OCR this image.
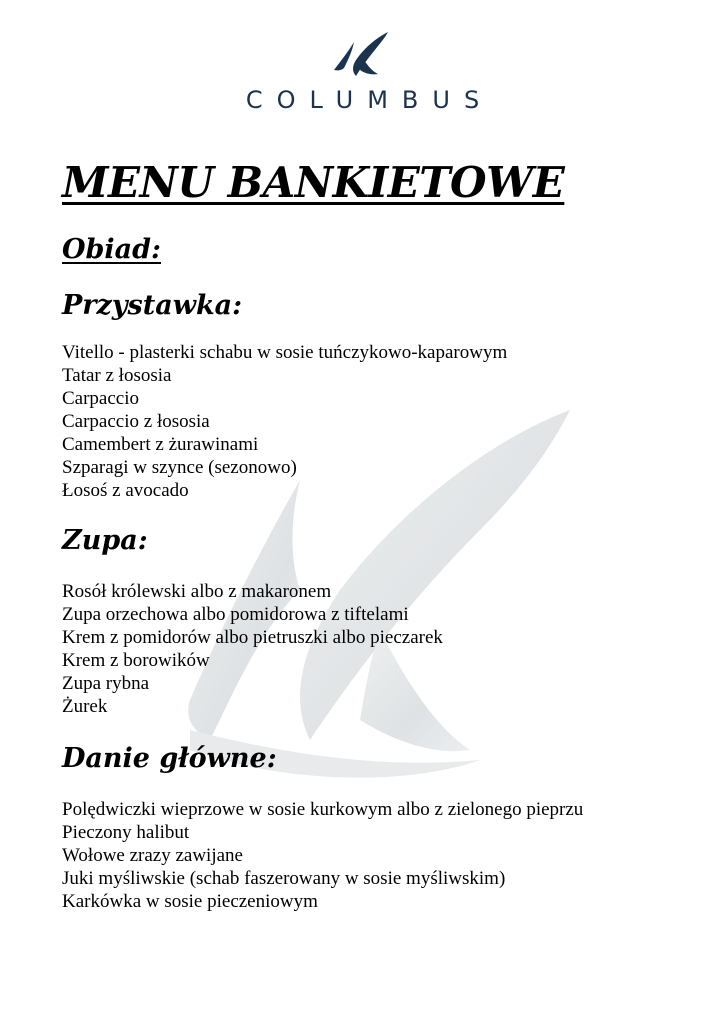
COLUMBUS
MENU BANKIETOWE
Obiad:
Przystawka:
Vitello - plasterki schabu w sosie tuńczykowo-kaparowym
Tatar z łososia
Carpaccio
Carpaccio z łososia
Camembert z żurawinami
Szparagi w szynce (sezonowo)
Łosoś z avocado
Zupa:
Rosół królewski albo z makaronem
Zupa orzechowa albo pomidorowa z tiftelami
Krem z pomidorów albo pietruszki albo pieczarek
Krem z borowików
Zupa rybna
Żurek
Danie główne:
Polędwiczki wieprzowe w sosie kurkowym albo z zielonego pieprzu
Pieczony halibut
Wołowe zrazy zawijane
Juki myśliwskie (schab faszerowany w sosie myśliwskim)
Karkówka w sosie pieczeniowym
